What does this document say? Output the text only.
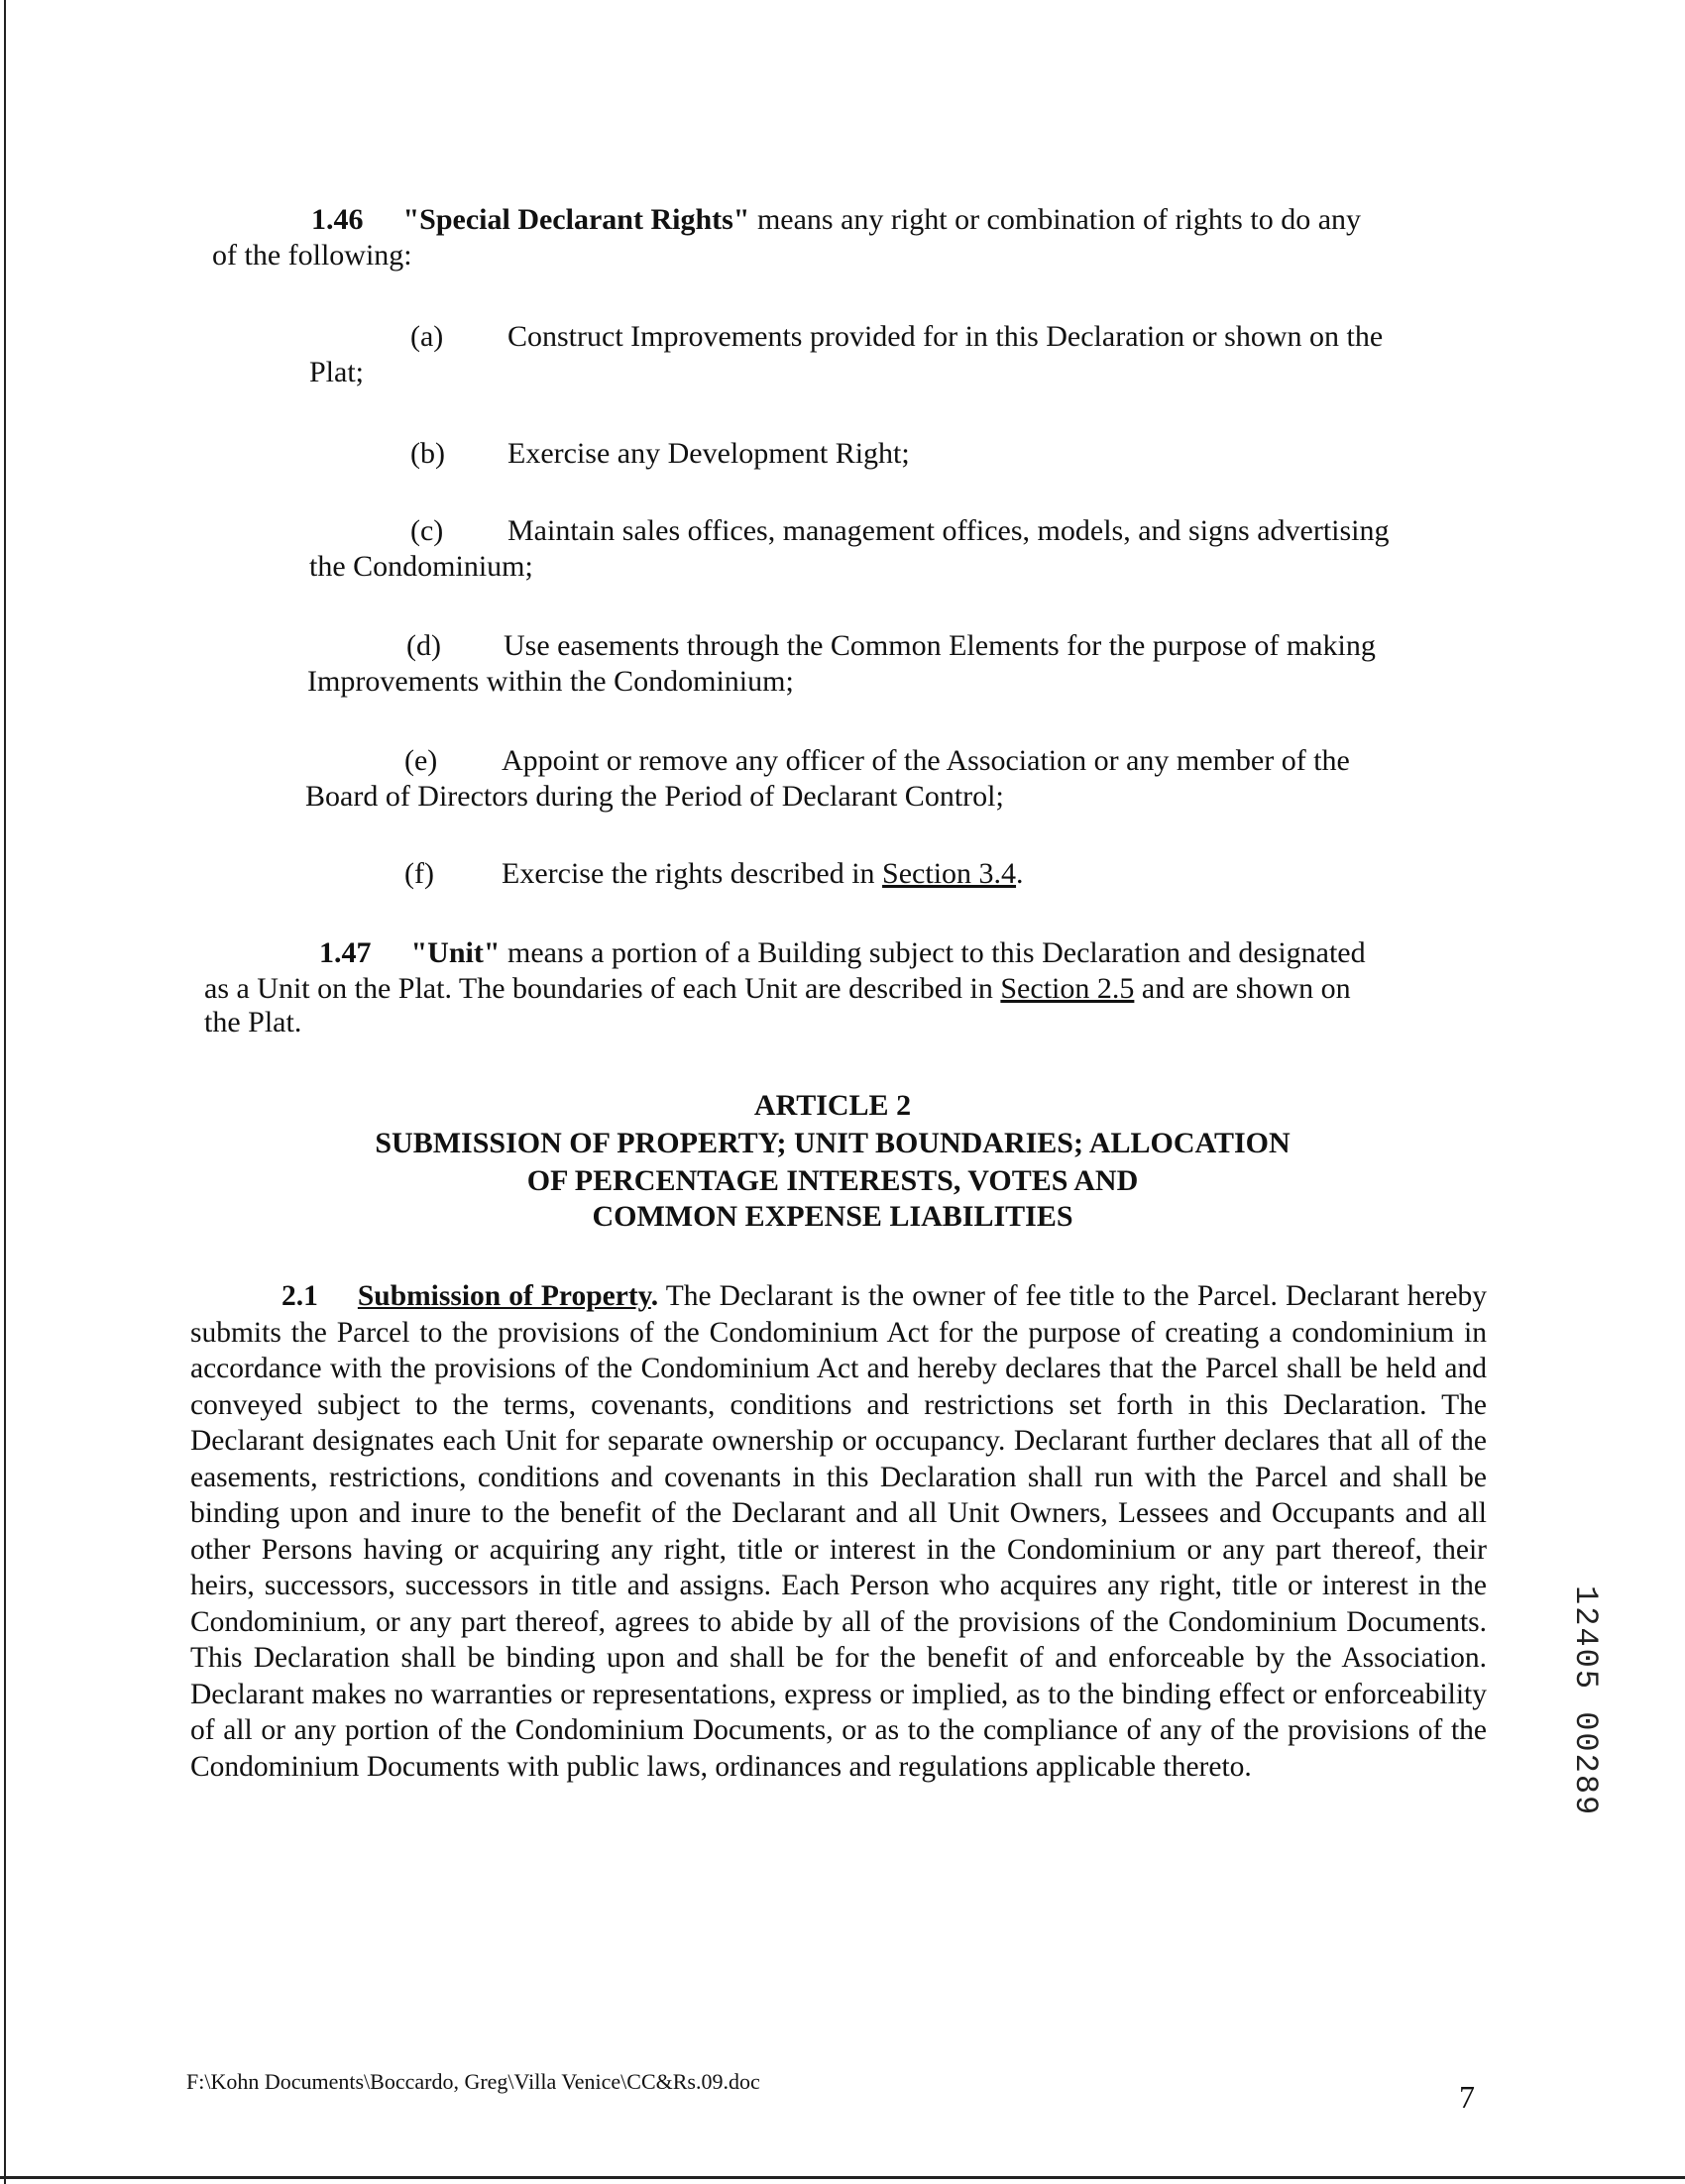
1.46 "Special Declarant Rights" means any right or combination of rights to do any
of the following:
(a) Construct Improvements provided for in this Declaration or shown on the
Plat;
(b) Exercise any Development Right;
(c) Maintain sales offices, management offices, models, and signs advertising
the Condominium;
(d) Use easements through the Common Elements for the purpose of making
Improvements within the Condominium;
(e) Appoint or remove any officer of the Association or any member of the
Board of Directors during the Period of Declarant Control;
(f) Exercise the rights described in Section 3.4.
1.47 "Unit" means a portion of a Building subject to this Declaration and designated
as a Unit on the Plat. The boundaries of each Unit are described in Section 2.5 and are shown on
the Plat.
ARTICLE 2
SUBMISSION OF PROPERTY; UNIT BOUNDARIES; ALLOCATION
OF PERCENTAGE INTERESTS, VOTES AND
COMMON EXPENSE LIABILITIES
2.1 Submission of Property. The Declarant is the owner of fee title to the Parcel. Declarant hereby submits the Parcel to the provisions of the Condominium Act for the purpose of creating a condominium in accordance with the provisions of the Condominium Act and hereby declares that the Parcel shall be held and conveyed subject to the terms, covenants, conditions and restrictions set forth in this Declaration. The Declarant designates each Unit for separate ownership or occupancy. Declarant further declares that all of the easements, restrictions, conditions and covenants in this Declaration shall run with the Parcel and shall be binding upon and inure to the benefit of the Declarant and all Unit Owners, Lessees and Occupants and all other Persons having or acquiring any right, title or interest in the Condominium or any part thereof, their heirs, successors, successors in title and assigns. Each Person who acquires any right, title or interest in the Condominium, or any part thereof, agrees to abide by all of the provisions of the Condominium Documents. This Declaration shall be binding upon and shall be for the benefit of and enforceable by the Association. Declarant makes no warranties or representations, express or implied, as to the binding effect or enforceability of all or any portion of the Condominium Documents, or as to the compliance of any of the provisions of the Condominium Documents with public laws, ordinances and regulations applicable thereto.
F:\Kohn Documents\Boccardo, Greg\Villa Venice\CC&Rs.09.doc	7
12405 00289
